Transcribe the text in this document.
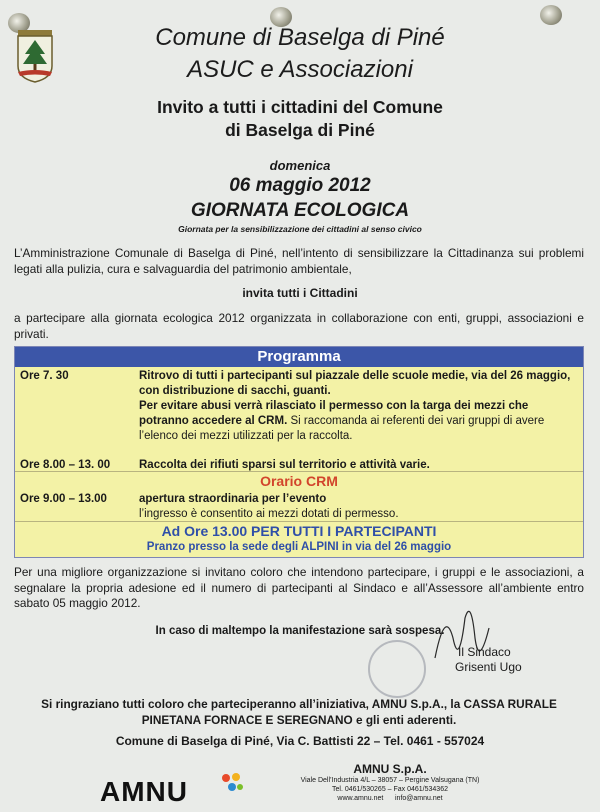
Comune di Baselga di Piné
ASUC e Associazioni
Invito a tutti i cittadini del Comune
di Baselga di Piné
domenica
06 maggio 2012
GIORNATA ECOLOGICA
Giornata per la sensibilizzazione dei cittadini al senso civico
L’Amministrazione Comunale di Baselga di Piné, nell’intento di sensibilizzare la Cittadinanza sui problemi legati alla pulizia, cura e salvaguardia del patrimonio ambientale,
invita tutti i Cittadini
a partecipare alla giornata ecologica 2012 organizzata in collaborazione con enti, gruppi, associazioni e privati.
Programma
Ore 7. 30	Ritrovo di tutti i partecipanti sul piazzale delle scuole medie, via del 26 maggio, con distribuzione di sacchi, guanti.
Per evitare abusi verrà rilasciato il permesso con la targa dei mezzi che potranno accedere al CRM. Si raccomanda ai referenti dei vari gruppi di avere l’elenco dei mezzi utilizzati per la raccolta.
Ore 8.00 – 13. 00	Raccolta dei rifiuti sparsi sul territorio e attività varie.
Orario CRM
Ore 9.00 – 13.00	apertura straordinaria per l’evento
l’ingresso è consentito ai mezzi dotati di permesso.
Ad Ore 13.00 PER TUTTI I PARTECIPANTI
Pranzo presso la sede degli ALPINI in via del 26 maggio
Per una migliore organizzazione si invitano coloro che intendono partecipare, i gruppi e le associazioni, a segnalare la propria adesione ed il numero di partecipanti al Sindaco e all’Assessore all’ambiente entro sabato 05 maggio 2012.
In caso di maltempo la manifestazione sarà sospesa.
Il Sindaco
Grisenti Ugo
Si ringraziano tutti coloro che parteciperanno all’iniziativa, AMNU S.p.A., la CASSA RURALE PINETANA FORNACE E SEREGNANO e gli enti aderenti.
Comune di Baselga di Piné, Via C. Battisti 22 – Tel. 0461 - 557024
AMNU
AMNU S.p.A.
Viale Dell’Industria 4/L – 38057 – Pergine Valsugana (TN)
Tel. 0461/530265 – Fax 0461/534362
www.amnu.net info@amnu.net
